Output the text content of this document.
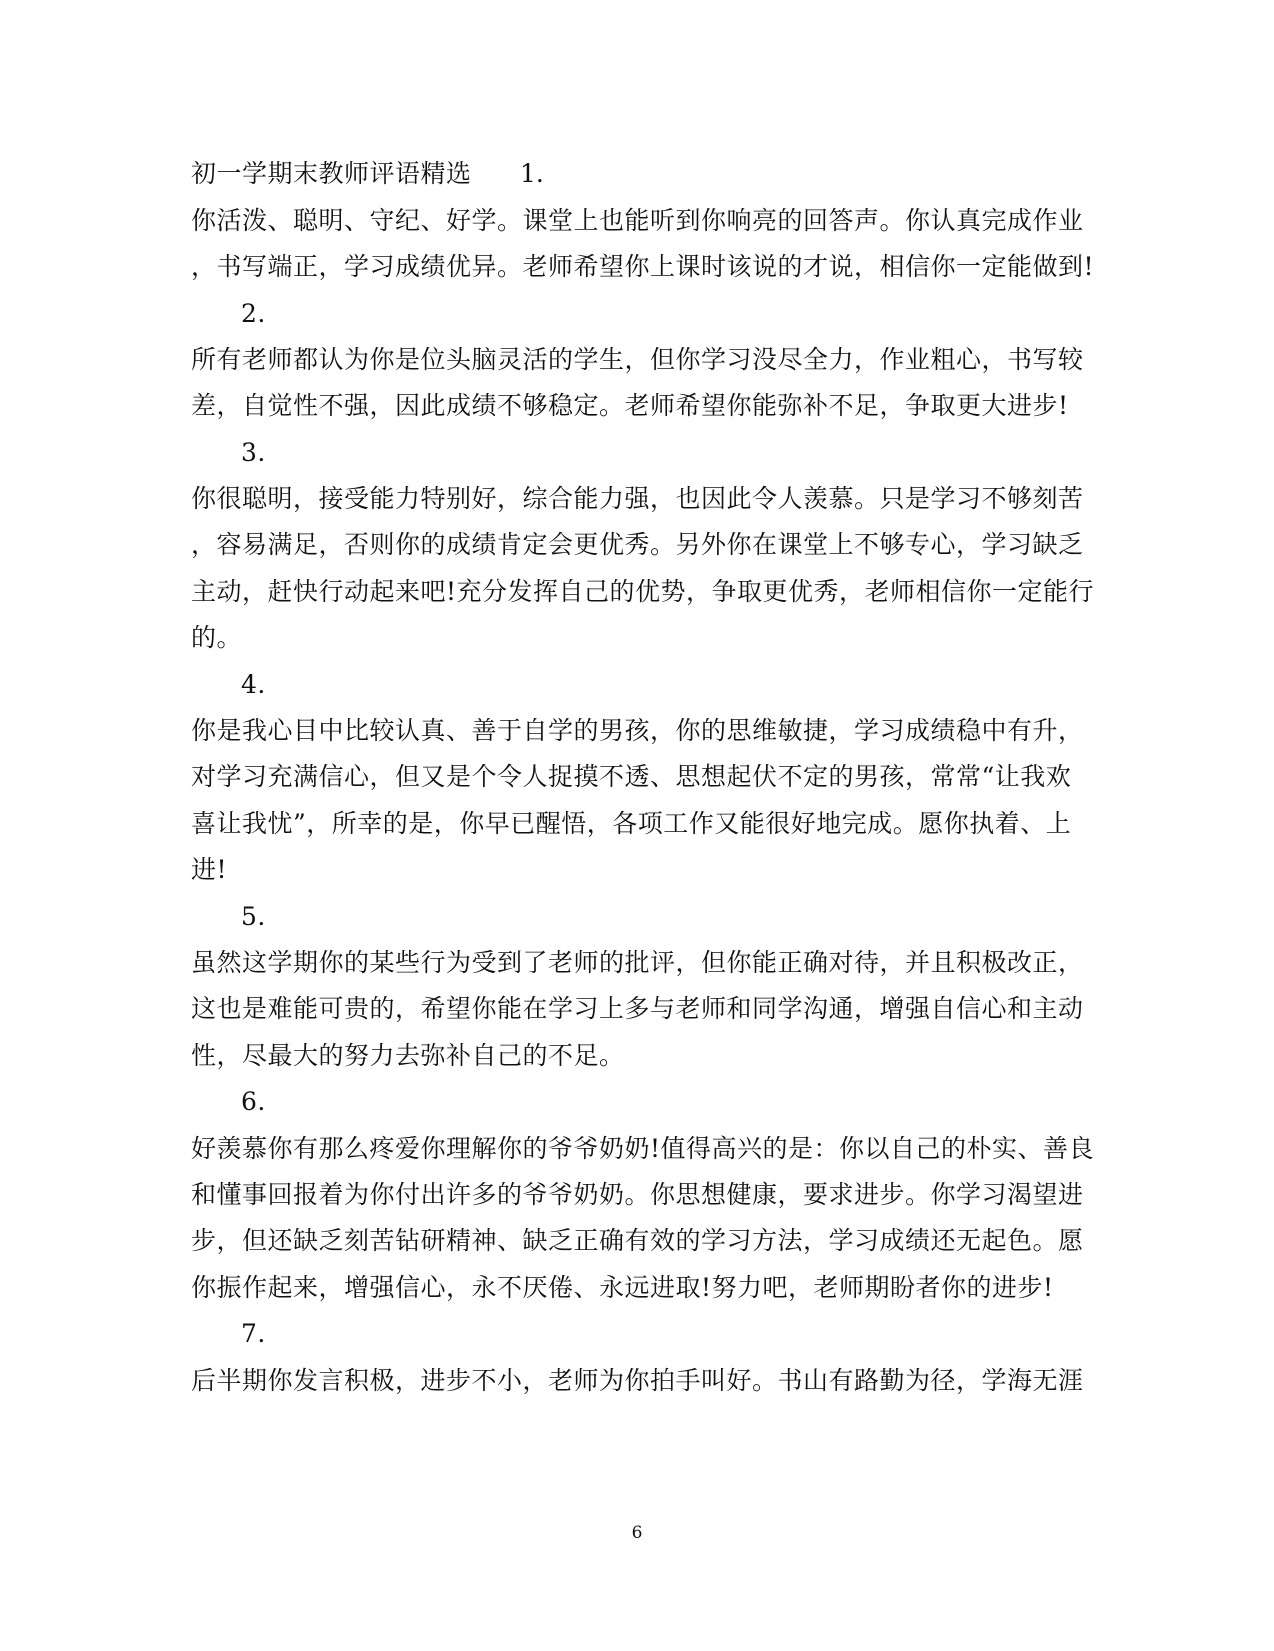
初一学期末教师评语精选	1.
你活泼、聪明、守纪、好学。课堂上也能听到你响亮的回答声。你认真完成作业
，书写端正，学习成绩优异。老师希望你上课时该说的才说，相信你一定能做到!
2.
所有老师都认为你是位头脑灵活的学生，但你学习没尽全力，作业粗心，书写较
差，自觉性不强，因此成绩不够稳定。老师希望你能弥补不足，争取更大进步!
3.
你很聪明，接受能力特别好，综合能力强，也因此令人羡慕。只是学习不够刻苦
，容易满足，否则你的成绩肯定会更优秀。另外你在课堂上不够专心，学习缺乏
主动，赶快行动起来吧!充分发挥自己的优势，争取更优秀，老师相信你一定能行
的。
4.
你是我心目中比较认真、善于自学的男孩，你的思维敏捷，学习成绩稳中有升，
对学习充满信心，但又是个令人捉摸不透、思想起伏不定的男孩，常常“让我欢
喜让我忧”，所幸的是，你早已醒悟，各项工作又能很好地完成。愿你执着、上
进!
5.
虽然这学期你的某些行为受到了老师的批评，但你能正确对待，并且积极改正，
这也是难能可贵的，希望你能在学习上多与老师和同学沟通，增强自信心和主动
性，尽最大的努力去弥补自己的不足。
6.
好羡慕你有那么疼爱你理解你的爷爷奶奶!值得高兴的是：你以自己的朴实、善良
和懂事回报着为你付出许多的爷爷奶奶。你思想健康，要求进步。你学习渴望进
步，但还缺乏刻苦钻研精神、缺乏正确有效的学习方法，学习成绩还无起色。愿
你振作起来，增强信心，永不厌倦、永远进取!努力吧，老师期盼者你的进步!
7.
后半期你发言积极，进步不小，老师为你拍手叫好。书山有路勤为径，学海无涯
6
